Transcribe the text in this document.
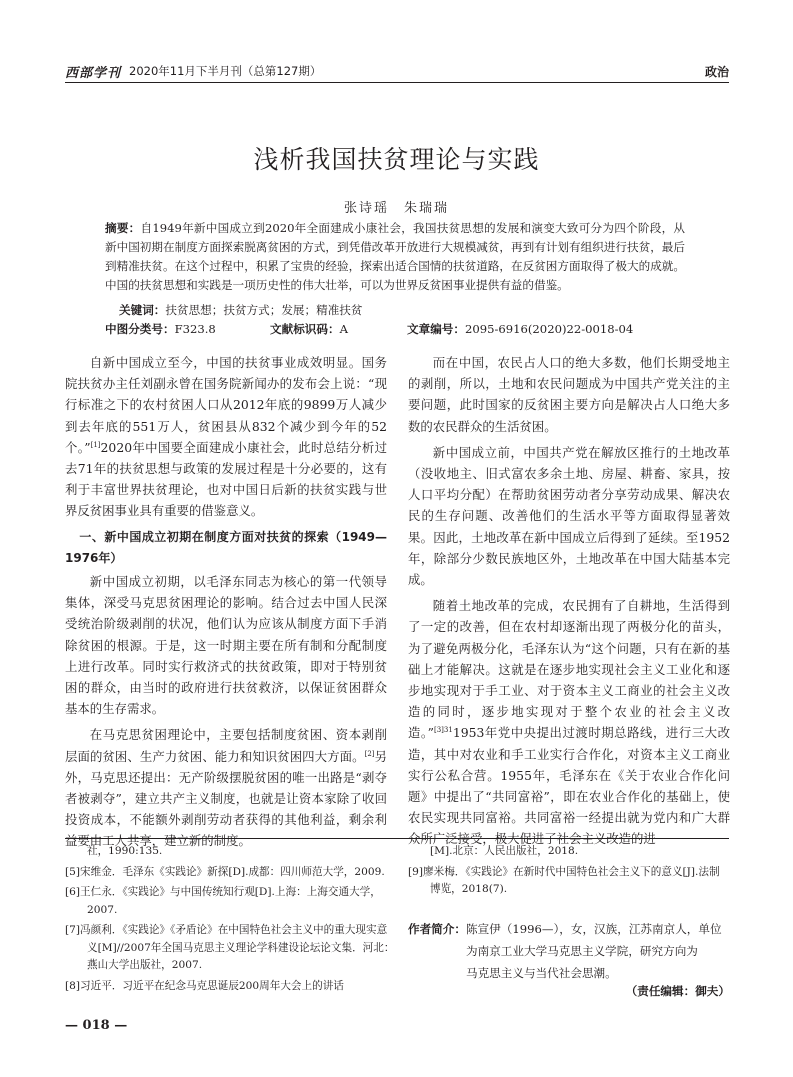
西部学刊 2020年11月下半月刊（总第127期）	政治
浅析我国扶贫理论与实践
张诗瑶　朱瑞瑞
摘要：自1949年新中国成立到2020年全面建成小康社会，我国扶贫思想的发展和演变大致可分为四个阶段，从新中国初期在制度方面探索脱离贫困的方式，到凭借改革开放进行大规模减贫，再到有计划有组织进行扶贫，最后到精准扶贫。在这个过程中，积累了宝贵的经验，探索出适合国情的扶贫道路，在反贫困方面取得了极大的成就。中国的扶贫思想和实践是一项历史性的伟大壮举，可以为世界反贫困事业提供有益的借鉴。
关键词：扶贫思想；扶贫方式；发展；精准扶贫
中图分类号：F323.8	文献标识码：A	文章编号：2095-6916(2020)22-0018-04

自新中国成立至今，中国的扶贫事业成效明显。国务院扶贫办主任刘副永曾在国务院新闻办的发布会上说：“现行标准之下的农村贫困人口从2012年底的9899万人减少到去年底的551万人，贫困县从832个减少到今年的52个。”[1]2020年中国要全面建成小康社会，此时总结分析过去71年的扶贫思想与政策的发展过程是十分必要的，这有利于丰富世界扶贫理论，也对中国日后新的扶贫实践与世界反贫困事业具有重要的借鉴意义。

一、新中国成立初期在制度方面对扶贫的探索（1949—1976年）

新中国成立初期，以毛泽东同志为核心的第一代领导集体，深受马克思贫困理论的影响。结合过去中国人民深受统治阶级剥削的状况，他们认为应该从制度方面下手消除贫困的根源。于是，这一时期主要在所有制和分配制度上进行改革。同时实行救济式的扶贫政策，即对于特别贫困的群众，由当时的政府进行扶贫救济，以保证贫困群众基本的生存需求。

在马克思贫困理论中，主要包括制度贫困、资本剥削层面的贫困、生产力贫困、能力和知识贫困四大方面。[2]另外，马克思还提出：无产阶级摆脱贫困的唯一出路是“剥夺者被剥夺”，建立共产主义制度，也就是让资本家除了收回投资成本，不能额外剥削劳动者获得的其他利益，剩余利益要由工人共享，建立新的制度。

而在中国，农民占人口的绝大多数，他们长期受地主的剥削，所以，土地和农民问题成为中国共产党关注的主要问题，此时国家的反贫困主要方向是解决占人口绝大多数的农民群众的生活贫困。

新中国成立前，中国共产党在解放区推行的土地改革（没收地主、旧式富农多余土地、房屋、耕畜、家具，按人口平均分配）在帮助贫困劳动者分享劳动成果、解决农民的生存问题、改善他们的生活水平等方面取得显著效果。因此，土地改革在新中国成立后得到了延续。至1952年，除部分少数民族地区外，土地改革在中国大陆基本完成。

随着土地改革的完成，农民拥有了自耕地，生活得到了一定的改善，但在农村却逐渐出现了两极分化的苗头，为了避免两极分化，毛泽东认为“这个问题，只有在新的基础上才能解决。这就是在逐步地实现社会主义工业化和逐步地实现对于手工业、对于资本主义工商业的社会主义改造的同时，逐步地实现对于整个农业的社会主义改造。”$^{[3]31}$1953年党中央提出过渡时期总路线，进行三大改造，其中对农业和手工业实行合作化，对资本主义工商业实行公私合营。1955年，毛泽东在《关于农业合作化问题》中提出了“共同富裕”，即在农业合作化的基础上，使农民实现共同富裕。共同富裕一经提出就为党内和广大群众所广泛接受，极大促进了社会主义改造的进

社，1990:135.
[5]宋维金．毛泽东《实践论》新探[D].成都：四川师范大学，2009.
[6]王仁永．《实践论》与中国传统知行观[D].上海：上海交通大学，2007.
[7]冯颜利．《实践论》《矛盾论》在中国特色社会主义中的重大现实意义[M]//2007年全国马克思主义理论学科建设论坛论文集．河北：燕山大学出版社，2007.
[8]习近平．习近平在纪念马克思诞辰200周年大会上的讲话
[M].北京：人民出版社，2018.
[9]廖米梅．《实践论》在新时代中国特色社会主义下的意义[J].法制博览，2018(7).
作者简介：陈宣伊（1996—），女，汉族，江苏南京人，单位
为南京工业大学马克思主义学院，研究方向为
马克思主义与当代社会思潮。
（责任编辑：御夫）
— 018 —
